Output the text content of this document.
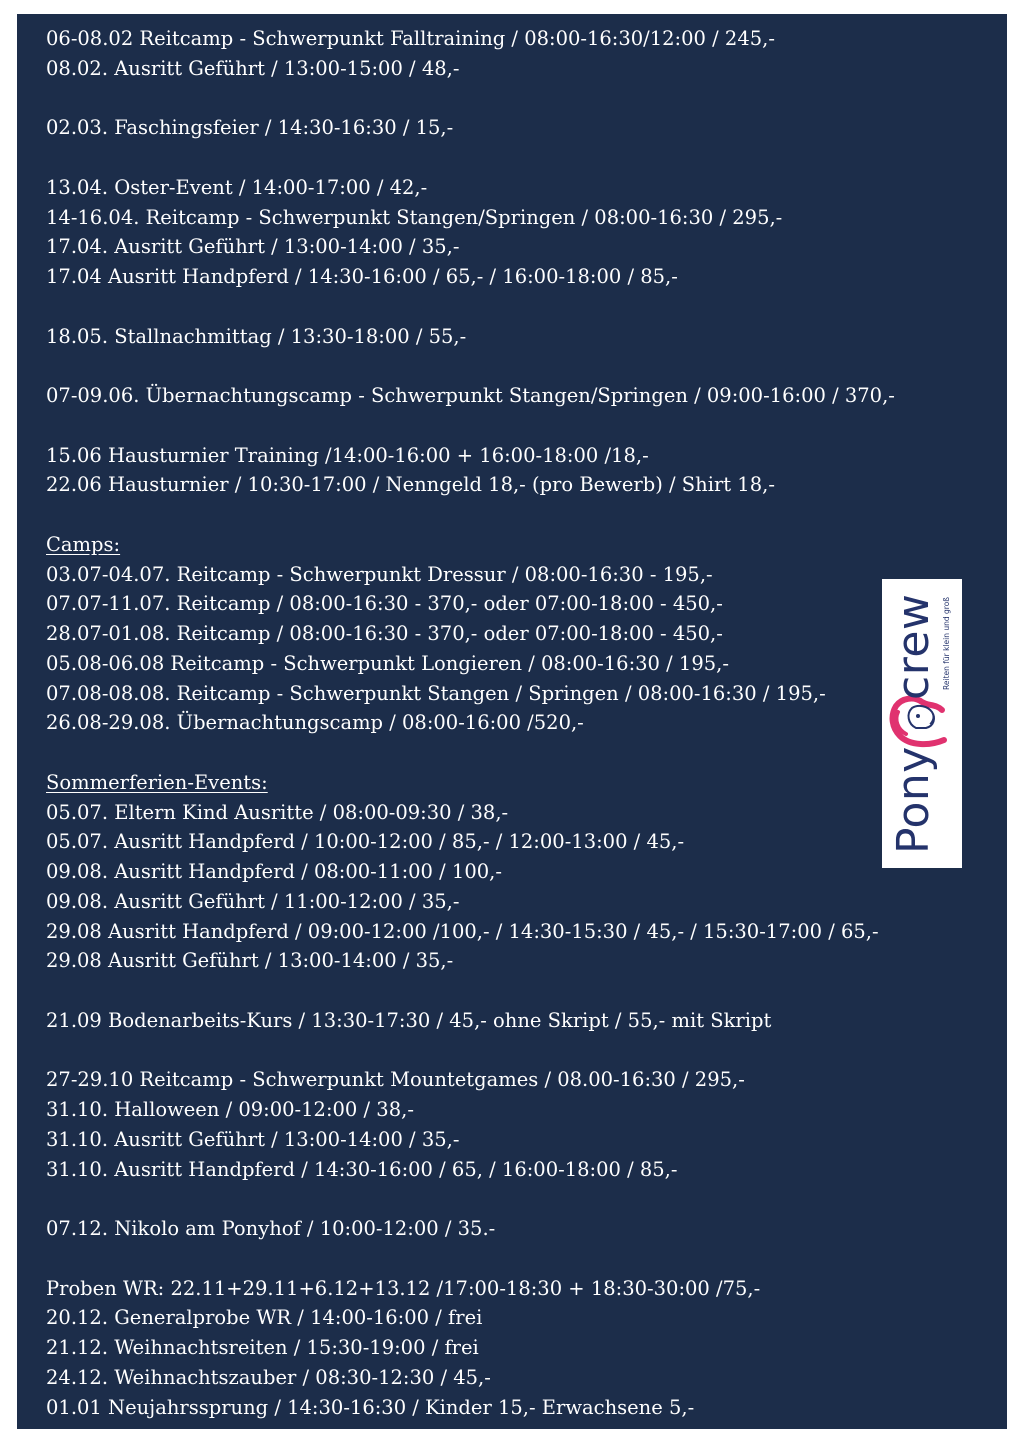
06-08.02 Reitcamp - Schwerpunkt Falltraining / 08:00-16:30/12:00 / 245,-
08.02. Ausritt Geführt / 13:00-15:00 / 48,-
02.03. Faschingsfeier / 14:30-16:30 / 15,-
13.04. Oster-Event / 14:00-17:00 / 42,-
14-16.04. Reitcamp - Schwerpunkt Stangen/Springen / 08:00-16:30 / 295,-
17.04. Ausritt Geführt / 13:00-14:00 / 35,-
17.04 Ausritt Handpferd / 14:30-16:00 / 65,- / 16:00-18:00 / 85,-
18.05. Stallnachmittag / 13:30-18:00 / 55,-
07-09.06. Übernachtungscamp - Schwerpunkt Stangen/Springen / 09:00-16:00 / 370,-
15.06 Hausturnier Training /14:00-16:00 + 16:00-18:00 /18,-
22.06 Hausturnier / 10:30-17:00 / Nenngeld 18,- (pro Bewerb) / Shirt 18,-
Camps:
03.07-04.07. Reitcamp - Schwerpunkt Dressur / 08:00-16:30 - 195,-
07.07-11.07. Reitcamp / 08:00-16:30 - 370,- oder 07:00-18:00 - 450,-
28.07-01.08. Reitcamp / 08:00-16:30 - 370,- oder 07:00-18:00 - 450,-
05.08-06.08 Reitcamp - Schwerpunkt Longieren / 08:00-16:30 / 195,-
07.08-08.08. Reitcamp - Schwerpunkt Stangen / Springen / 08:00-16:30 / 195,-
26.08-29.08. Übernachtungscamp / 08:00-16:00 /520,-
Sommerferien-Events:
05.07. Eltern Kind Ausritte / 08:00-09:30 / 38,-
05.07. Ausritt Handpferd / 10:00-12:00 / 85,- / 12:00-13:00 / 45,-
09.08. Ausritt Handpferd / 08:00-11:00 / 100,-
09.08. Ausritt Geführt / 11:00-12:00 / 35,-
29.08 Ausritt Handpferd / 09:00-12:00 /100,- / 14:30-15:30 / 45,- / 15:30-17:00 / 65,-
29.08 Ausritt Geführt / 13:00-14:00 / 35,-
21.09 Bodenarbeits-Kurs / 13:30-17:30 / 45,- ohne Skript / 55,- mit Skript
27-29.10 Reitcamp - Schwerpunkt Mountetgames / 08.00-16:30 / 295,-
31.10. Halloween / 09:00-12:00 / 38,-
31.10. Ausritt Geführt / 13:00-14:00 / 35,-
31.10. Ausritt Handpferd / 14:30-16:00 / 65, / 16:00-18:00 / 85,-
07.12. Nikolo am Ponyhof / 10:00-12:00 / 35.-
Proben WR: 22.11+29.11+6.12+13.12 /17:00-18:30 + 18:30-30:00 /75,-
20.12. Generalprobe WR / 14:00-16:00 / frei
21.12. Weihnachtsreiten / 15:30-19:00 / frei
24.12. Weihnachtszauber / 08:30-12:30 / 45,-
01.01 Neujahrssprung / 14:30-16:30 / Kinder 15,- Erwachsene 5,-
Pony
crew Reiten für klein und groß
